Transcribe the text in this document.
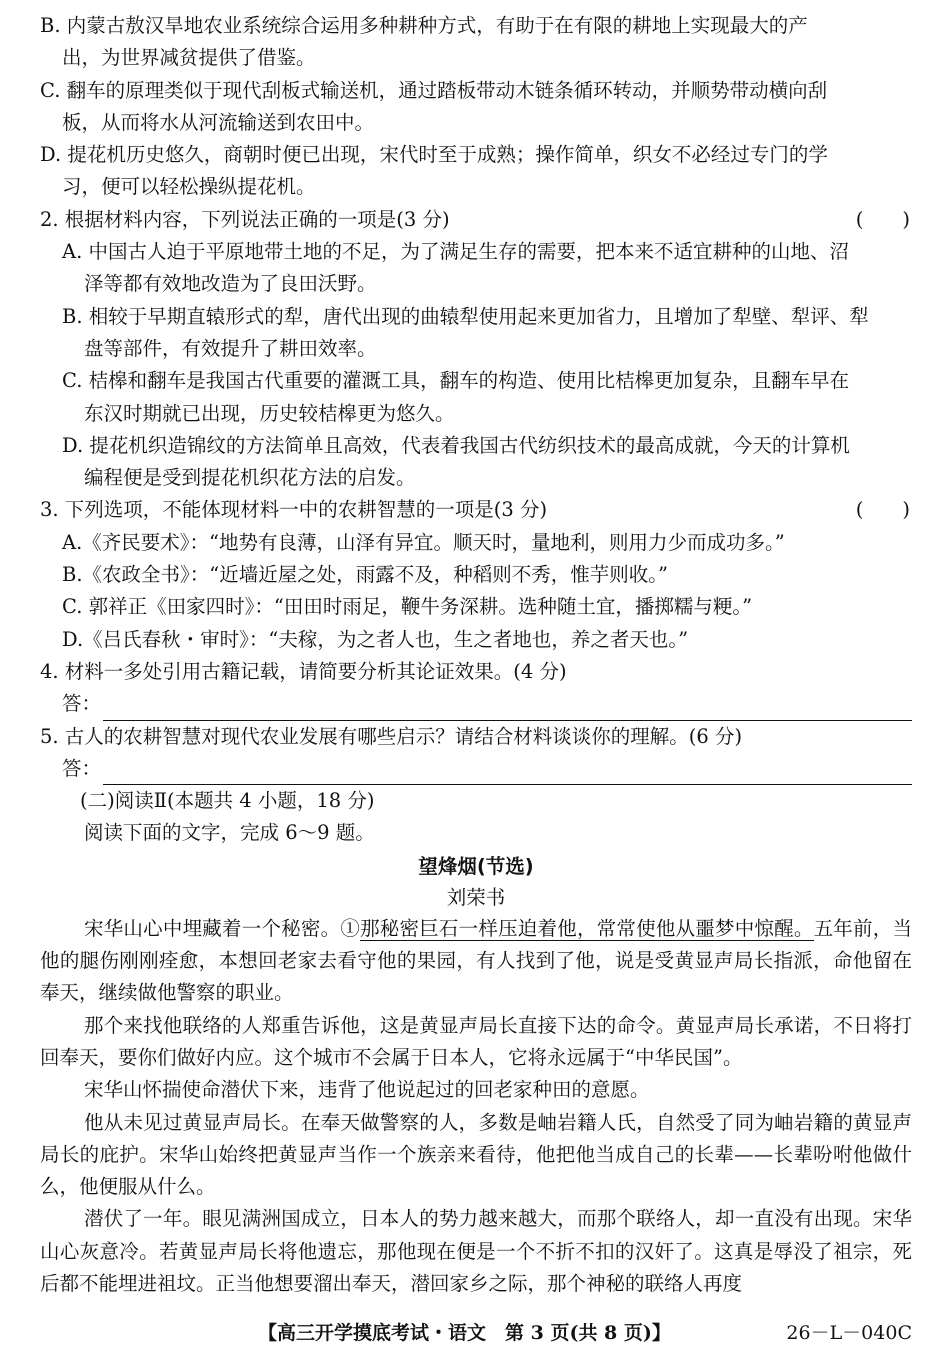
B. 内蒙古敖汉旱地农业系统综合运用多种耕种方式，有助于在有限的耕地上实现最大的产
出，为世界减贫提供了借鉴。
C. 翻车的原理类似于现代刮板式输送机，通过踏板带动木链条循环转动，并顺势带动横向刮
板，从而将水从河流输送到农田中。
D. 提花机历史悠久，商朝时便已出现，宋代时至于成熟；操作简单，织女不必经过专门的学
习，便可以轻松操纵提花机。
2. 根据材料内容，下列说法正确的一项是(3 分)	(　　)
A. 中国古人迫于平原地带土地的不足，为了满足生存的需要，把本来不适宜耕种的山地、沼
泽等都有效地改造为了良田沃野。
B. 相较于早期直辕形式的犁，唐代出现的曲辕犁使用起来更加省力，且增加了犁壁、犁评、犁
盘等部件，有效提升了耕田效率。
C. 桔槔和翻车是我国古代重要的灌溉工具，翻车的构造、使用比桔槔更加复杂，且翻车早在
东汉时期就已出现，历史较桔槔更为悠久。
D. 提花机织造锦纹的方法简单且高效，代表着我国古代纺织技术的最高成就，今天的计算机
编程便是受到提花机织花方法的启发。
3. 下列选项，不能体现材料一中的农耕智慧的一项是(3 分)	(　　)
A.《齐民要术》：“地势有良薄，山泽有异宜。顺天时，量地利，则用力少而成功多。”
B.《农政全书》：“近墙近屋之处，雨露不及，种稻则不秀，惟芋则收。”
C. 郭祥正《田家四时》：“田田时雨足，鞭牛务深耕。选种随土宜，播掷糯与粳。”
D.《吕氏春秋・审时》：“夫稼，为之者人也，生之者地也，养之者天也。”
4. 材料一多处引用古籍记载，请简要分析其论证效果。(4 分)
答：
5. 古人的农耕智慧对现代农业发展有哪些启示？请结合材料谈谈你的理解。(6 分)
答：
(二)阅读Ⅱ(本题共 4 小题，18 分)
阅读下面的文字，完成 6～9 题。
望烽烟(节选)
刘荣书
宋华山心中埋藏着一个秘密。①那秘密巨石一样压迫着他，常常使他从噩梦中惊醒。五年前，当他的腿伤刚刚痊愈，本想回老家去看守他的果园，有人找到了他，说是受黄显声局长指派，命他留在奉天，继续做他警察的职业。
那个来找他联络的人郑重告诉他，这是黄显声局长直接下达的命令。黄显声局长承诺，不日将打回奉天，要你们做好内应。这个城市不会属于日本人，它将永远属于“中华民国”。
宋华山怀揣使命潜伏下来，违背了他说起过的回老家种田的意愿。
他从未见过黄显声局长。在奉天做警察的人，多数是岫岩籍人氏，自然受了同为岫岩籍的黄显声局长的庇护。宋华山始终把黄显声当作一个族亲来看待，他把他当成自己的长辈——长辈吩咐他做什么，他便服从什么。
潜伏了一年。眼见满洲国成立，日本人的势力越来越大，而那个联络人，却一直没有出现。宋华山心灰意冷。若黄显声局长将他遗忘，那他现在便是一个不折不扣的汉奸了。这真是辱没了祖宗，死后都不能埋进祖坟。正当他想要溜出奉天，潜回家乡之际，那个神秘的联络人再度
【高三开学摸底考试・语文　第 3 页(共 8 页)】	26－L－040C
